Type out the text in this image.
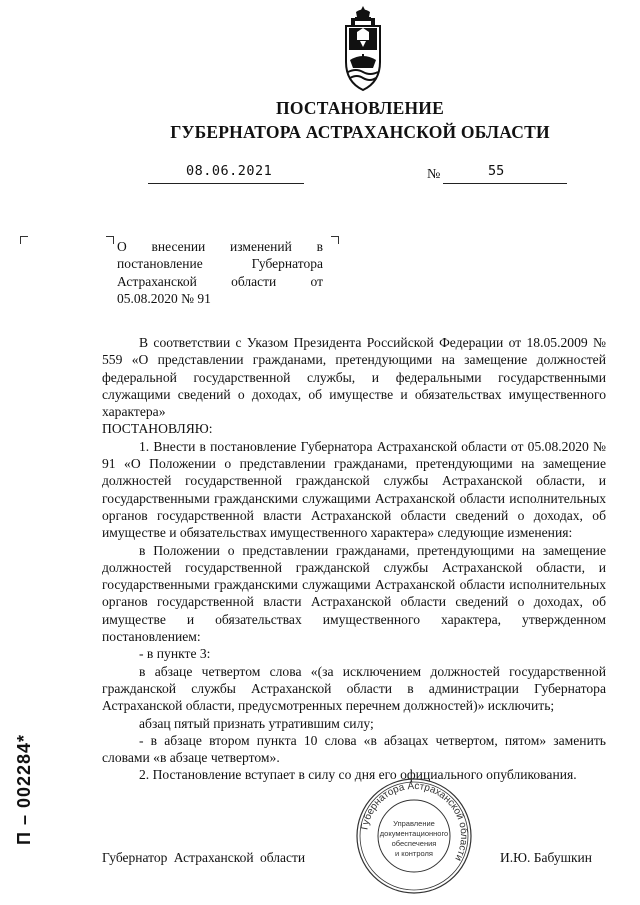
ПОСТАНОВЛЕНИЕ
ГУБЕРНАТОРА АСТРАХАНСКОЙ ОБЛАСТИ
08.06.2021	№	55
О внесении изменений в постановление Губернатора Астраханской области от 05.08.2020 № 91

В соответствии с Указом Президента Российской Федерации от 18.05.2009 № 559 «О представлении гражданами, претендующими на замещение должностей федеральной государственной службы, и федеральными государственными служащими сведений о доходах, об имуществе и обязательствах имущественного характера»

ПОСТАНОВЛЯЮ:

1. Внести в постановление Губернатора Астраханской области от 05.08.2020 № 91 «О Положении о представлении гражданами, претендующими на замещение должностей государственной гражданской службы Астраханской области, и государственными гражданскими служащими Астраханской области исполнительных органов государственной власти Астраханской области сведений о доходах, об имуществе и обязательствах имущественного характера» следующие изменения:

в Положении о представлении гражданами, претендующими на замещение должностей государственной гражданской службы Астраханской области, и государственными гражданскими служащими Астраханской области исполнительных органов государственной власти Астраханской области сведений о доходах, об имуществе и обязательствах имущественного характера, утвержденном постановлением:

- в пункте 3:

в абзаце четвертом слова «(за исключением должностей государственной гражданской службы Астраханской области в администрации Губернатора Астраханской области, предусмотренных перечнем должностей)» исключить;

абзац пятый признать утратившим силу;

- в абзаце втором пункта 10 слова «в абзацах четвертом, пятом» заменить словами «в абзаце четвертом».

2. Постановление вступает в силу со дня его официального опубликования.

Губернатор Астраханской области	И.Ю. Бабушкин
Губернатора Астраханской области
Управление
документационного
обеспечения
и контроля
П – 002284*
